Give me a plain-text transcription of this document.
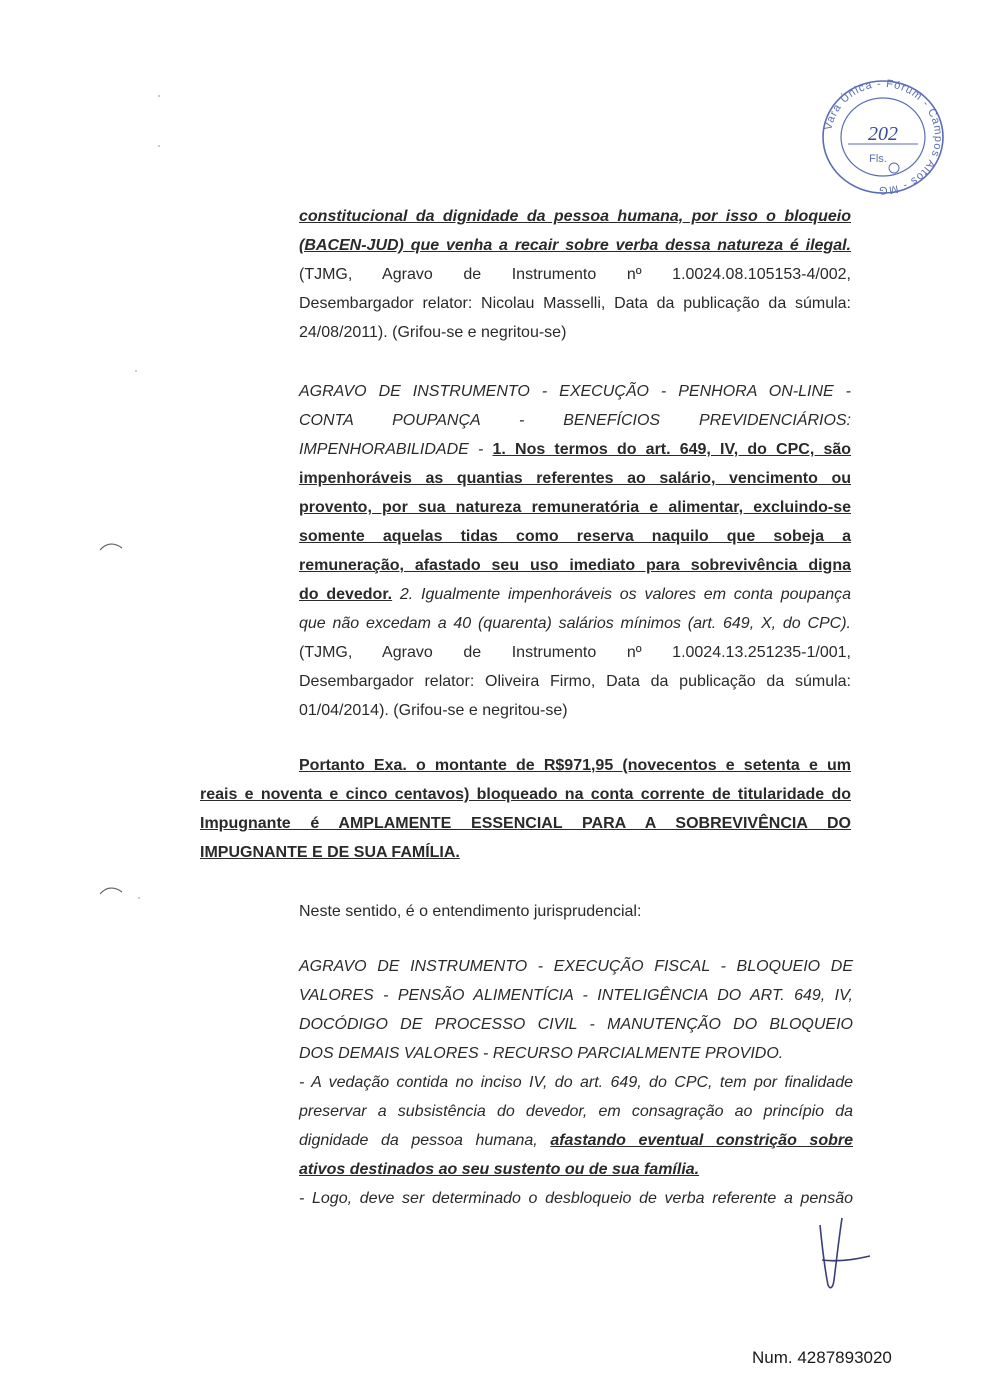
Vara Única - Fórum - Campos Altos - MG
202
Fls.
constitucional da dignidade da pessoa humana, por isso o bloqueio
(BACEN-JUD) que venha a recair sobre verba dessa natureza é ilegal.
(TJMG, Agravo de Instrumento nº 1.0024.08.105153-4/002,
Desembargador relator: Nicolau Masselli, Data da publicação da súmula:
24/08/2011). (Grifou-se e negritou-se)
AGRAVO DE INSTRUMENTO - EXECUÇÃO - PENHORA ON-LINE -
CONTA POUPANÇA - BENEFÍCIOS PREVIDENCIÁRIOS:
IMPENHORABILIDADE - 1. Nos termos do art. 649, IV, do CPC, são
impenhoráveis as quantias referentes ao salário, vencimento ou
provento, por sua natureza remuneratória e alimentar, excluindo-se
somente aquelas tidas como reserva naquilo que sobeja a
remuneração, afastado seu uso imediato para sobrevivência digna
do devedor. 2. Igualmente impenhoráveis os valores em conta poupança
que não excedam a 40 (quarenta) salários mínimos (art. 649, X, do CPC).
(TJMG, Agravo de Instrumento nº 1.0024.13.251235-1/001,
Desembargador relator: Oliveira Firmo, Data da publicação da súmula:
01/04/2014). (Grifou-se e negritou-se)
Portanto Exa. o montante de R$971,95 (novecentos e setenta e um
reais e noventa e cinco centavos) bloqueado na conta corrente de titularidade do
Impugnante é AMPLAMENTE ESSENCIAL PARA A SOBREVIVÊNCIA DO
IMPUGNANTE E DE SUA FAMÍLIA.
Neste sentido, é o entendimento jurisprudencial:
AGRAVO DE INSTRUMENTO - EXECUÇÃO FISCAL - BLOQUEIO DE
VALORES - PENSÃO ALIMENTÍCIA - INTELIGÊNCIA DO ART. 649, IV,
DOCÓDIGO DE PROCESSO CIVIL - MANUTENÇÃO DO BLOQUEIO
DOS DEMAIS VALORES - RECURSO PARCIALMENTE PROVIDO.
- A vedação contida no inciso IV, do art. 649, do CPC, tem por finalidade
preservar a subsistência do devedor, em consagração ao princípio da
dignidade da pessoa humana, afastando eventual constrição sobre
ativos destinados ao seu sustento ou de sua família.
- Logo, deve ser determinado o desbloqueio de verba referente a pensão
Num. 4287893020
